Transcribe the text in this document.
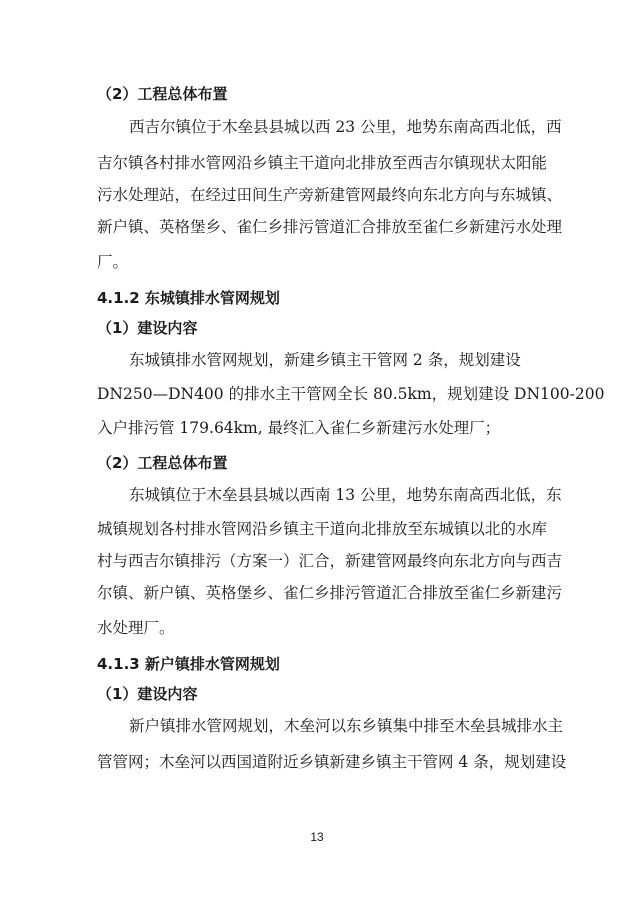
（2）工程总体布置
西吉尔镇位于木垒县县城以西 23 公里，地势东南高西北低，西
吉尔镇各村排水管网沿乡镇主干道向北排放至西吉尔镇现状太阳能
污水处理站，在经过田间生产旁新建管网最终向东北方向与东城镇、
新户镇、英格堡乡、雀仁乡排污管道汇合排放至雀仁乡新建污水处理
厂。
4.1.2 东城镇排水管网规划
（1）建设内容
东城镇排水管网规划，新建乡镇主干管网 2 条，规划建设
DN250—DN400 的排水主干管网全长 80.5km，规划建设 DN100-200
入户排污管 179.64km, 最终汇入雀仁乡新建污水处理厂；
（2）工程总体布置
东城镇位于木垒县县城以西南 13 公里，地势东南高西北低，东
城镇规划各村排水管网沿乡镇主干道向北排放至东城镇以北的水库
村与西吉尔镇排污（方案一）汇合，新建管网最终向东北方向与西吉
尔镇、新户镇、英格堡乡、雀仁乡排污管道汇合排放至雀仁乡新建污
水处理厂。
4.1.3 新户镇排水管网规划
（1）建设内容
新户镇排水管网规划，木垒河以东乡镇集中排至木垒县城排水主
管管网；木垒河以西国道附近乡镇新建乡镇主干管网 4 条，规划建设
13
